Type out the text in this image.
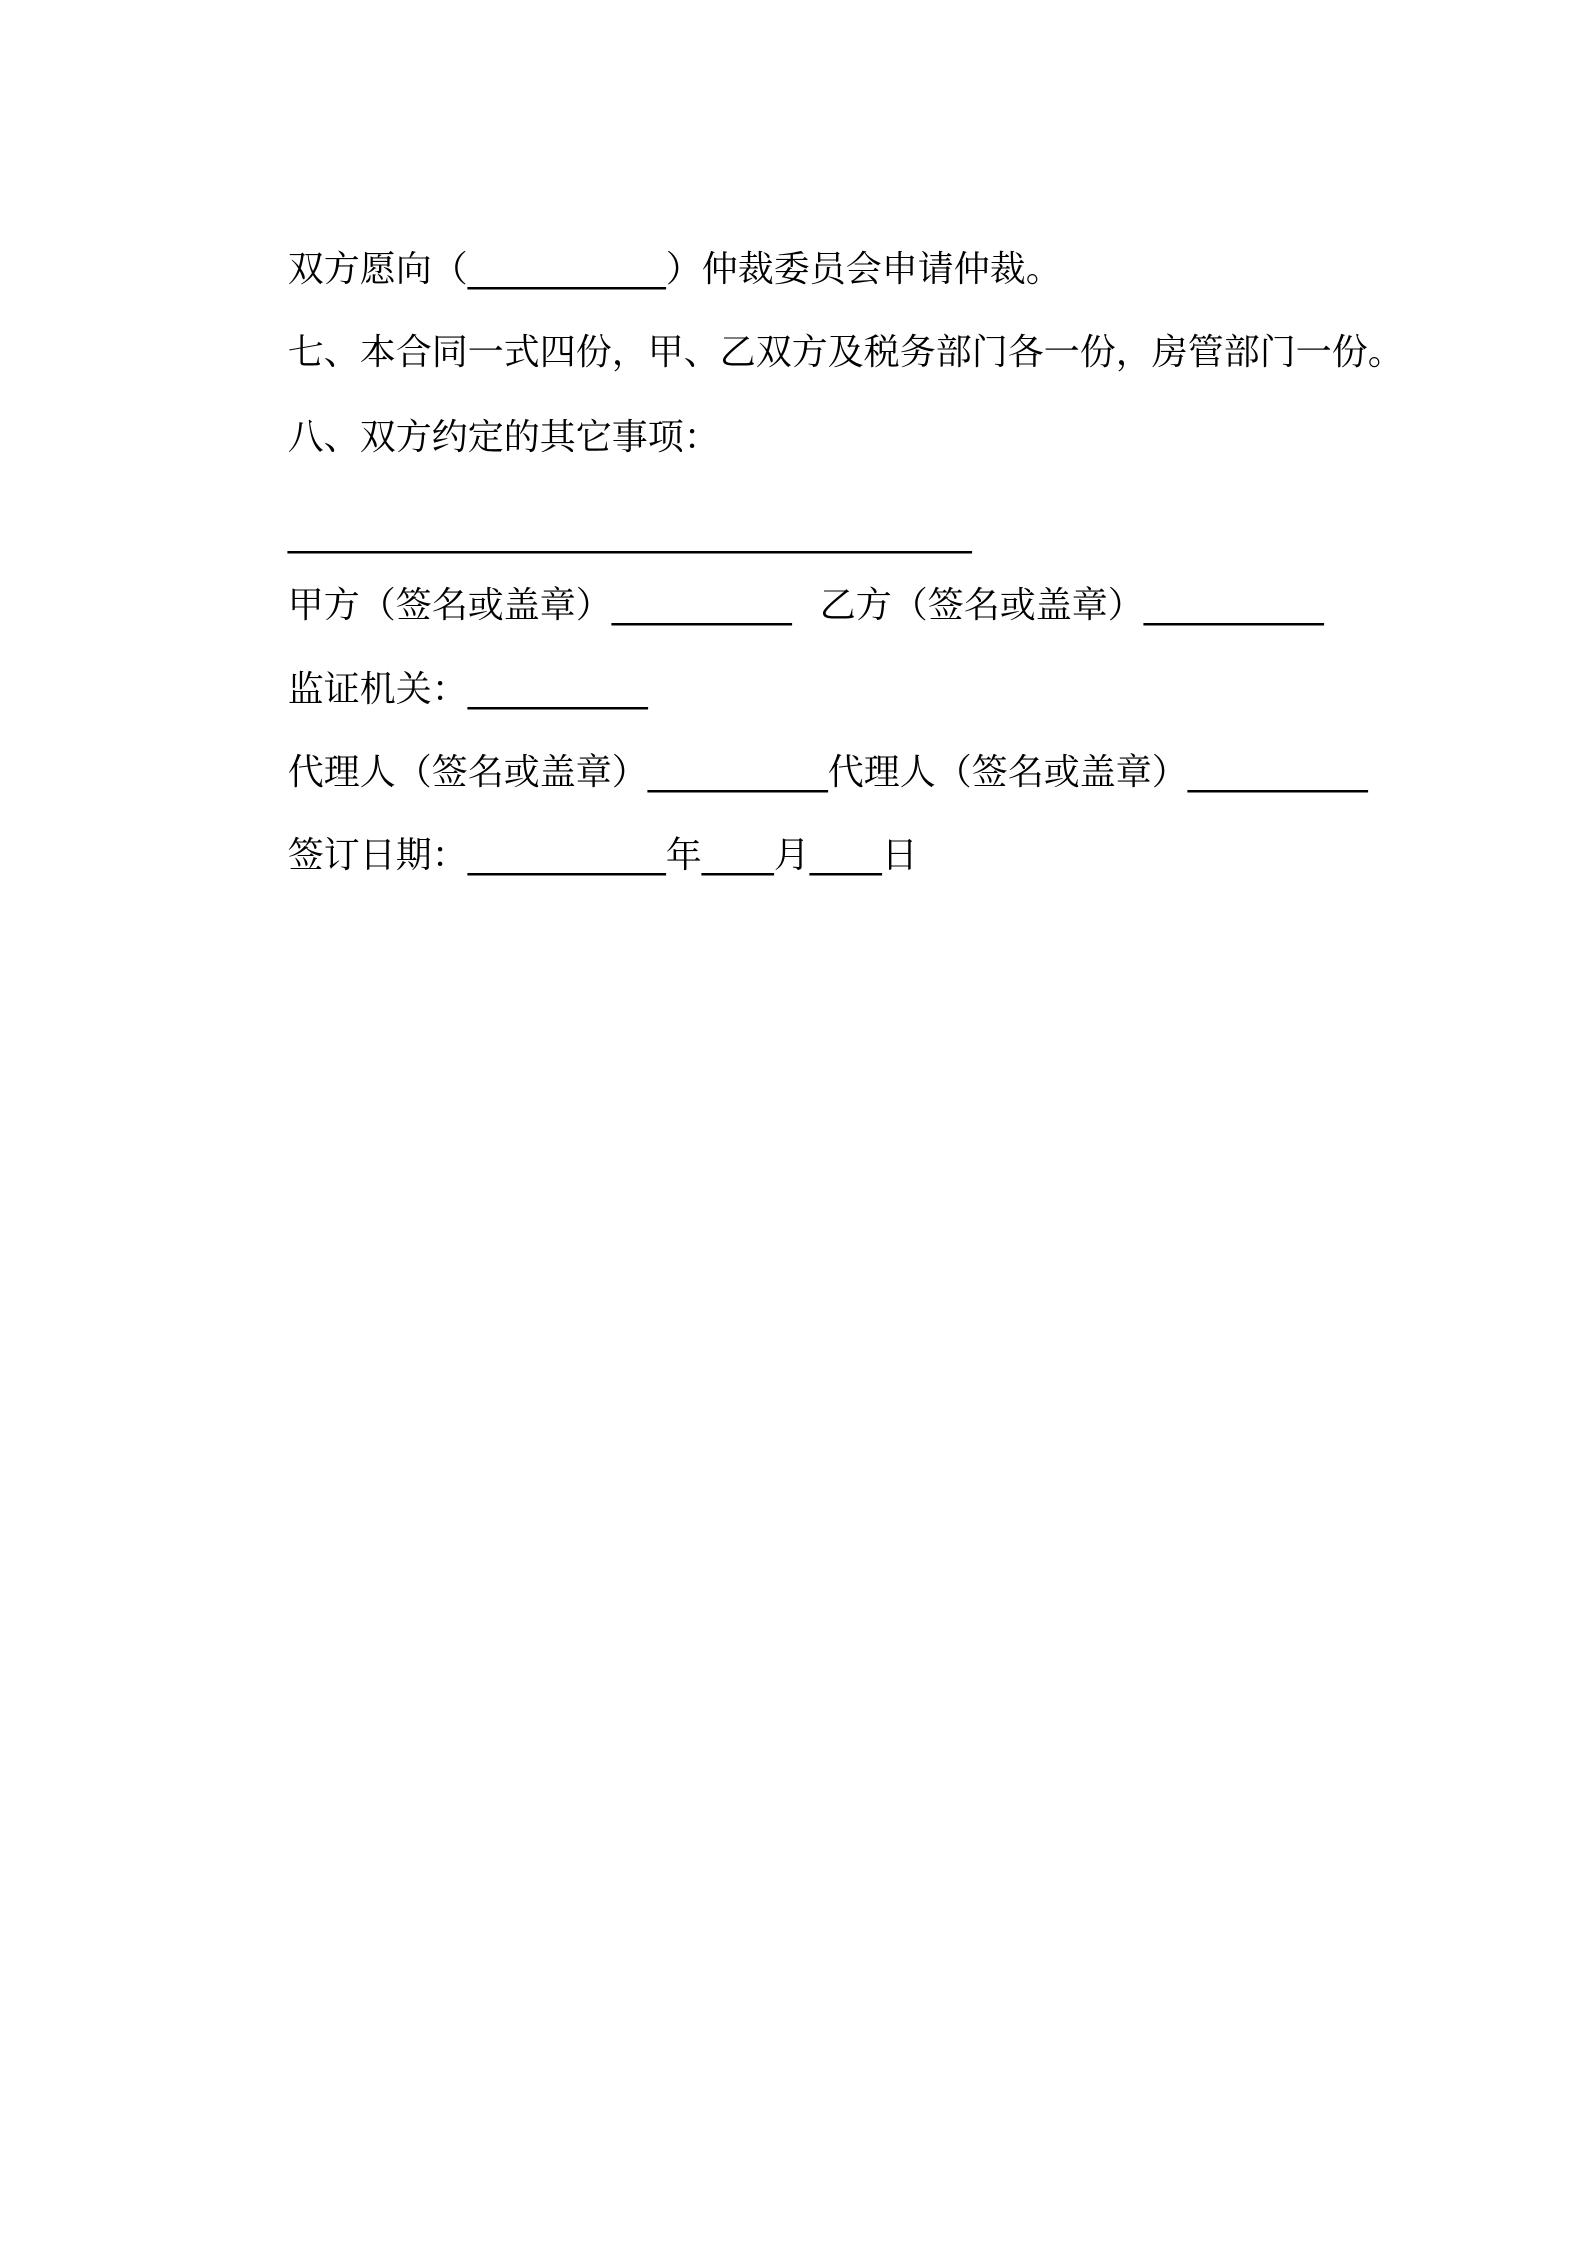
双方愿向（___________）仲裁委员会申请仲裁。

七、本合同一式四份，甲、乙双方及税务部门各一份，房管部门一份。

八、双方约定的其它事项：

______________________________________

甲方（签名或盖章）__________ 乙方（签名或盖章）__________

监证机关：__________

代理人（签名或盖章）__________代理人（签名或盖章）__________

签订日期：___________年____月____日
